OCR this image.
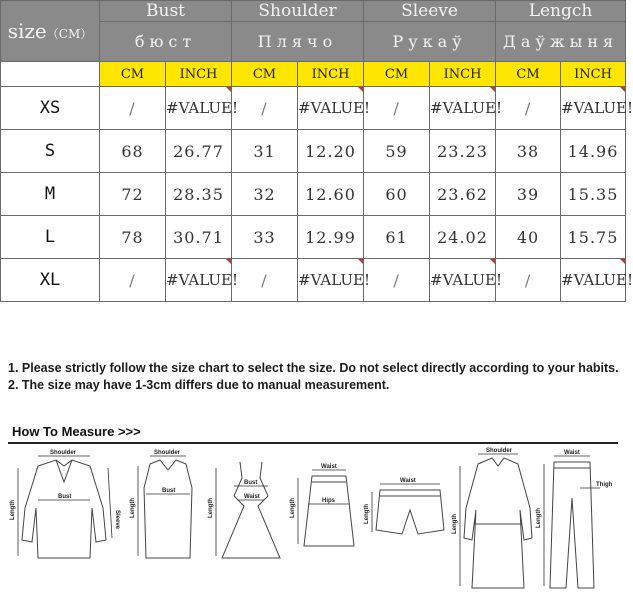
size（CM）	Bust		Shoulder		Sleeve		Lengch	
	бюст		Плячо		Рукаў		Даўжыня	
	CM	INCH	CM	INCH	CM	INCH	CM	INCH
XS	/	#VALUE!	/	#VALUE!	/	#VALUE!	/	#VALUE!
S	68	26.77	31	12.20	59	23.23	38	14.96
M	72	28.35	32	12.60	60	23.62	39	15.35
L	78	30.71	33	12.99	61	24.02	40	15.75
XL	/	#VALUE!	/	#VALUE!	/	#VALUE!	/	#VALUE!
1. Please strictly follow the size chart to select the size. Do not select directly according to your habits.
2. The size may have 1-3cm differs due to manual measurement.
How To Measure >>>
Shoulder
Bust
Length	Sleeve
Shoulder
Bust
Length
Bust
Waist
Length
Waist
Hips
Length
Waist
Length
Shoulder
Length
Waist
Thigh
Length
